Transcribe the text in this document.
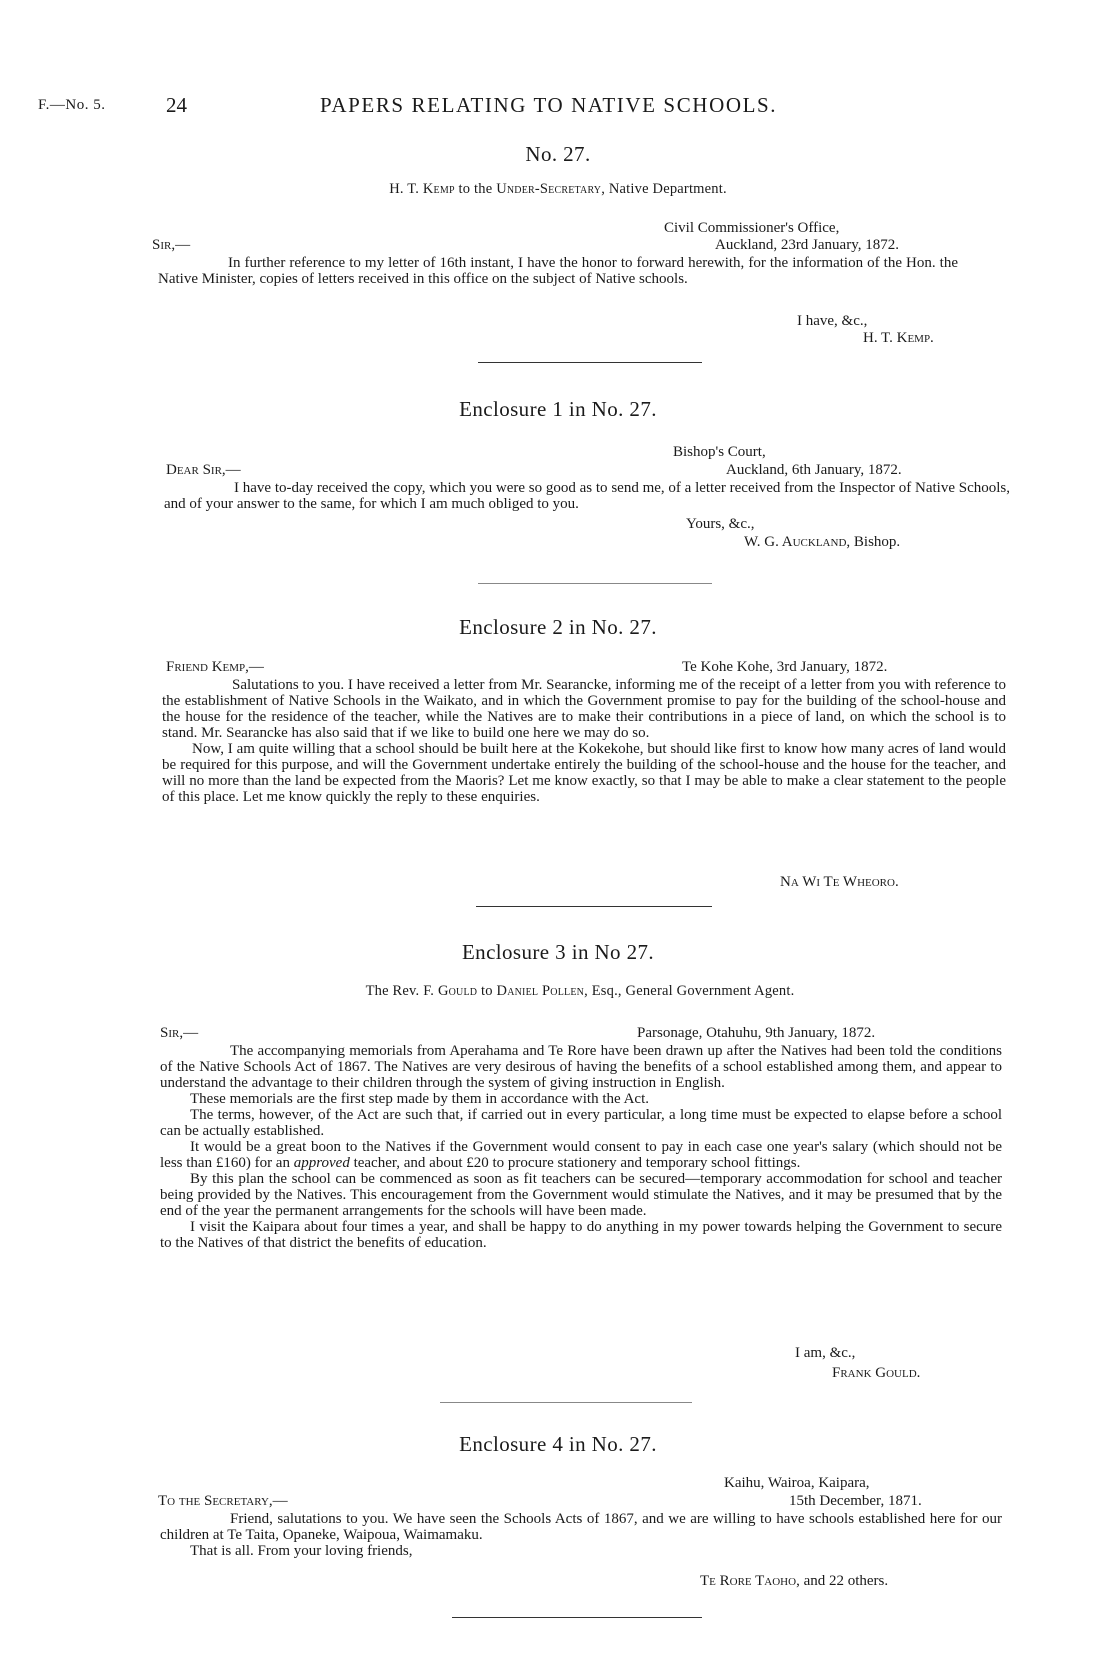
F.—No. 5.	24	PAPERS RELATING TO NATIVE SCHOOLS.
No. 27.
H. T. Kemp to the Under-Secretary, Native Department.
Civil Commissioner's Office,
Sir,—	Auckland, 23rd January, 1872.

In further reference to my letter of 16th instant, I have the honor to forward herewith, for the information of the Hon. the Native Minister, copies of letters received in this office on the subject of Native schools.

I have, &c.,
H. T. Kemp.
Enclosure 1 in No. 27.
Bishop's Court,
Dear Sir,—	Auckland, 6th January, 1872.

I have to-day received the copy, which you were so good as to send me, of a letter received from the Inspector of Native Schools, and of your answer to the same, for which I am much obliged to you.

Yours, &c.,
W. G. Auckland, Bishop.
Enclosure 2 in No. 27.
Friend Kemp,—	Te Kohe Kohe, 3rd January, 1872.

Salutations to you. I have received a letter from Mr. Searancke, informing me of the receipt of a letter from you with reference to the establishment of Native Schools in the Waikato, and in which the Government promise to pay for the building of the school-house and the house for the residence of the teacher, while the Natives are to make their contributions in a piece of land, on which the school is to stand. Mr. Searancke has also said that if we like to build one here we may do so.

Now, I am quite willing that a school should be built here at the Kokekohe, but should like first to know how many acres of land would be required for this purpose, and will the Government undertake entirely the building of the school-house and the house for the teacher, and will no more than the land be expected from the Maoris? Let me know exactly, so that I may be able to make a clear statement to the people of this place. Let me know quickly the reply to these enquiries.

Na Wi Te Wheoro.
Enclosure 3 in No 27.
The Rev. F. Gould to Daniel Pollen, Esq., General Government Agent.
Sir,—	Parsonage, Otahuhu, 9th January, 1872.

The accompanying memorials from Aperahama and Te Rore have been drawn up after the Natives had been told the conditions of the Native Schools Act of 1867. The Natives are very desirous of having the benefits of a school established among them, and appear to understand the advantage to their children through the system of giving instruction in English.

These memorials are the first step made by them in accordance with the Act.

The terms, however, of the Act are such that, if carried out in every particular, a long time must be expected to elapse before a school can be actually established.

It would be a great boon to the Natives if the Government would consent to pay in each case one year's salary (which should not be less than £160) for an approved teacher, and about £20 to procure stationery and temporary school fittings.

By this plan the school can be commenced as soon as fit teachers can be secured—temporary accommodation for school and teacher being provided by the Natives. This encouragement from the Government would stimulate the Natives, and it may be presumed that by the end of the year the permanent arrangements for the schools will have been made.

I visit the Kaipara about four times a year, and shall be happy to do anything in my power towards helping the Government to secure to the Natives of that district the benefits of education.

I am, &c.,
Frank Gould.
Enclosure 4 in No. 27.
Kaihu, Wairoa, Kaipara,
To the Secretary,—	15th December, 1871.

Friend, salutations to you. We have seen the Schools Acts of 1867, and we are willing to have schools established here for our children at Te Taita, Opaneke, Waipoua, Waimamaku.

That is all. From your loving friends,

Te Rore Taoho, and 22 others.
